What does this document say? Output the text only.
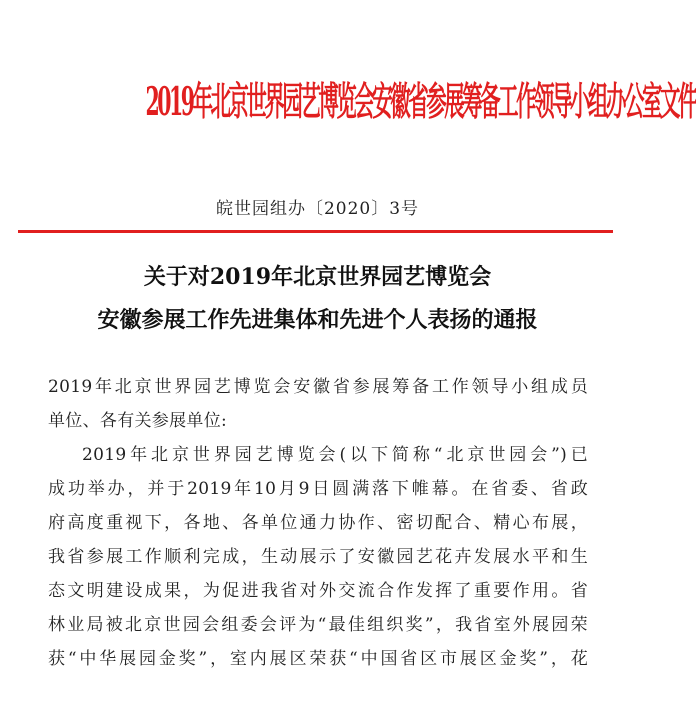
2019年北京世界园艺博览会安徽省参展筹备工作领导小组办公室文件
皖世园组办〔2020〕3号
关于对2019年北京世界园艺博览会
安徽参展工作先进集体和先进个人表扬的通报

2019年北京世界园艺博览会安徽省参展筹备工作领导小组成员

单位、各有关参展单位:

2019年北京世界园艺博览会(以下简称“北京世园会”)已

成功举办，并于2019年10月9日圆满落下帷幕。在省委、省政

府高度重视下，各地、各单位通力协作、密切配合、精心布展，

我省参展工作顺利完成，生动展示了安徽园艺花卉发展水平和生

态文明建设成果，为促进我省对外交流合作发挥了重要作用。省

林业局被北京世园会组委会评为“最佳组织奖”，我省室外展园荣

获“中华展园金奖”，室内展区荣获“中国省区市展区金奖”，花
